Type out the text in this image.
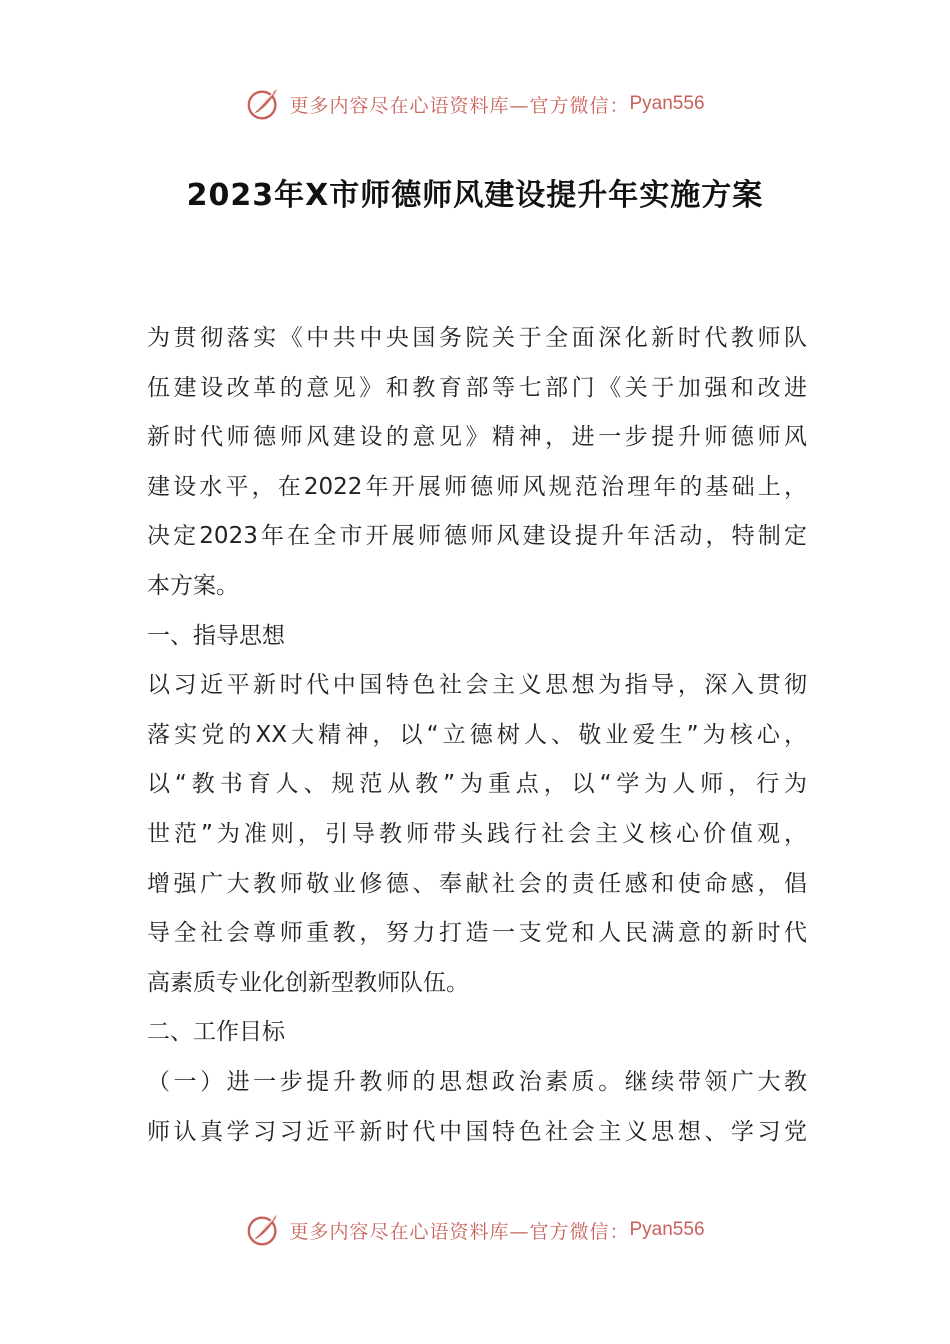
更多内容尽在心语资料库—官方微信： Pyan556
2023年X市师德师风建设提升年实施方案
为贯彻落实《中共中央国务院关于全面深化新时代教师队
伍建设改革的意见》和教育部等七部门《关于加强和改进
新时代师德师风建设的意见》精神，进一步提升师德师风
建设水平，在2022年开展师德师风规范治理年的基础上，
决定2023年在全市开展师德师风建设提升年活动，特制定
本方案。
一、指导思想
以习近平新时代中国特色社会主义思想为指导，深入贯彻
落实党的XX大精神，以“立德树人、敬业爱生”为核心，
以“教书育人、规范从教”为重点，以“学为人师，行为
世范”为准则，引导教师带头践行社会主义核心价值观，
增强广大教师敬业修德、奉献社会的责任感和使命感，倡
导全社会尊师重教，努力打造一支党和人民满意的新时代
高素质专业化创新型教师队伍。
二、工作目标
（一）进一步提升教师的思想政治素质。继续带领广大教
师认真学习习近平新时代中国特色社会主义思想、学习党
更多内容尽在心语资料库—官方微信： Pyan556
